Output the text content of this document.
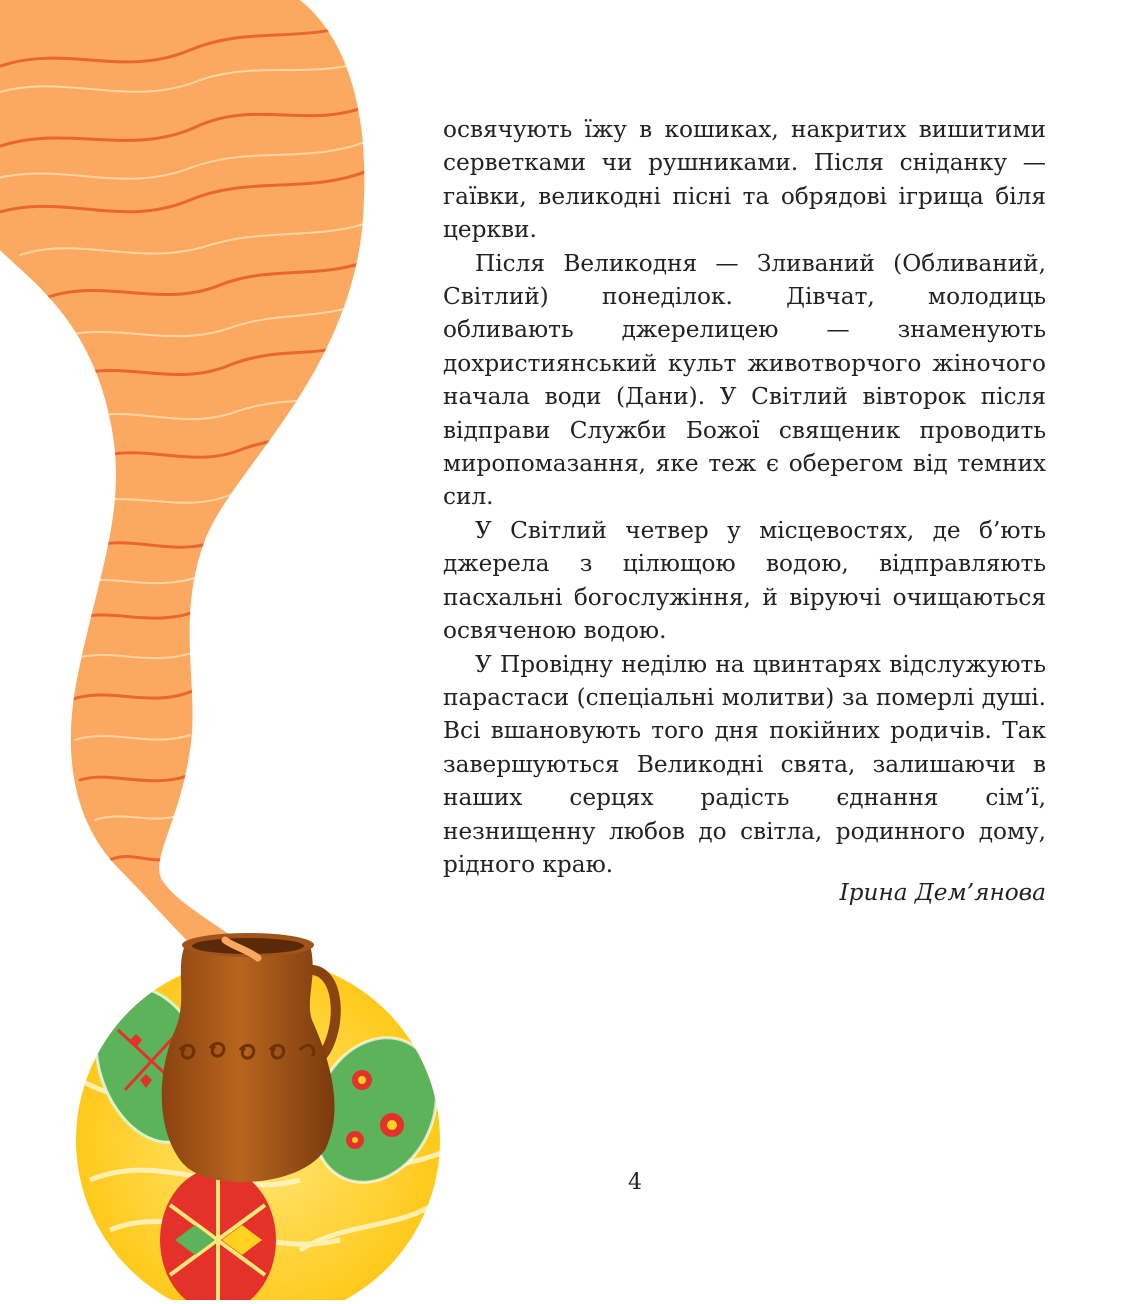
освячують їжу в кошиках, накритих вишитими серветками чи рушниками. Після сніданку — гаївки, великодні пісні та обрядові ігрища біля церкви.

Після Великодня — Зливаний (Обливаний, Світлий) понеділок. Дівчат, молодиць обливають джерелицею — знаменують дохристиянський культ животворчого жіночого начала води (Дани). У Світлий вівторок після відправи Служби Божої священик проводить миропомазання, яке теж є оберегом від темних сил.

У Світлий четвер у місцевостях, де б’ють джерела з цілющою водою, відправляють пасхальні богослужіння, й віруючі очищаються освяченою водою.

У Провідну неділю на цвинтарях відслужують парастаси (спеціальні молитви) за померлі душі. Всі вшановують того дня покійних родичів. Так завершуються Великодні свята, залишаючи в наших серцях радість єднання сім’ї, незнищенну любов до світла, родинного дому, рідного краю.

Ірина Дем’янова
4
